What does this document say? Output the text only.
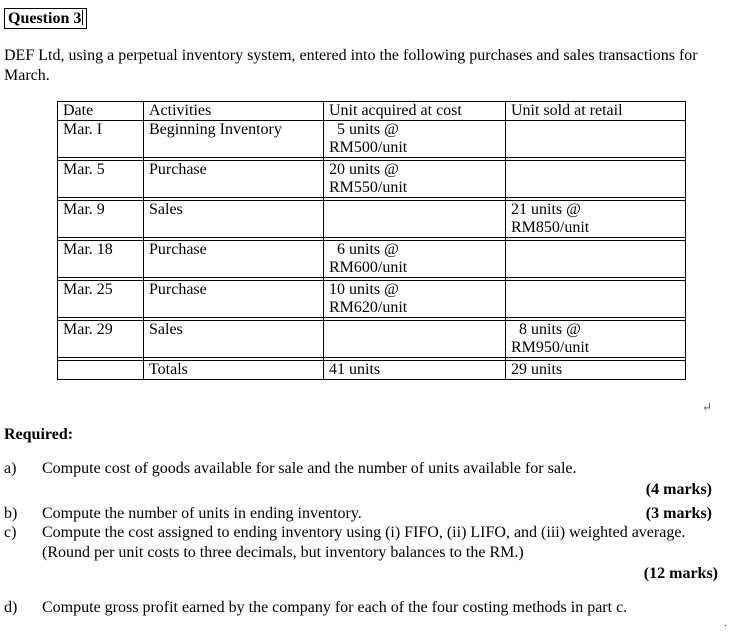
Question 3
DEF Ltd, using a perpetual inventory system, entered into the following purchases and sales transactions for March.
Date	Activities	Unit acquired at cost	Unit sold at retail
Mar. I	Beginning Inventory	5 units @
RM500/unit	

Mar. 5	Purchase	20 units @
RM550/unit	

Mar. 9	Sales		21 units @
RM850/unit

Mar. 18	Purchase	6 units @
RM600/unit	

Mar. 25	Purchase	10 units @
RM620/unit	

Mar. 29	Sales		8 units @
RM950/unit

	Totals	41 units	29 units
↵
Required:
a)	Compute cost of goods available for sale and the number of units available for sale.
(4 marks)
b)	Compute the number of units in ending inventory.	(3 marks)
c)	Compute the cost assigned to ending inventory using (i) FIFO, (ii) LIFO, and (iii) weighted average. (Round per unit costs to three decimals, but inventory balances to the RM.)
(12 marks)
d)	Compute gross profit earned by the company for each of the four costing methods in part c.
.
